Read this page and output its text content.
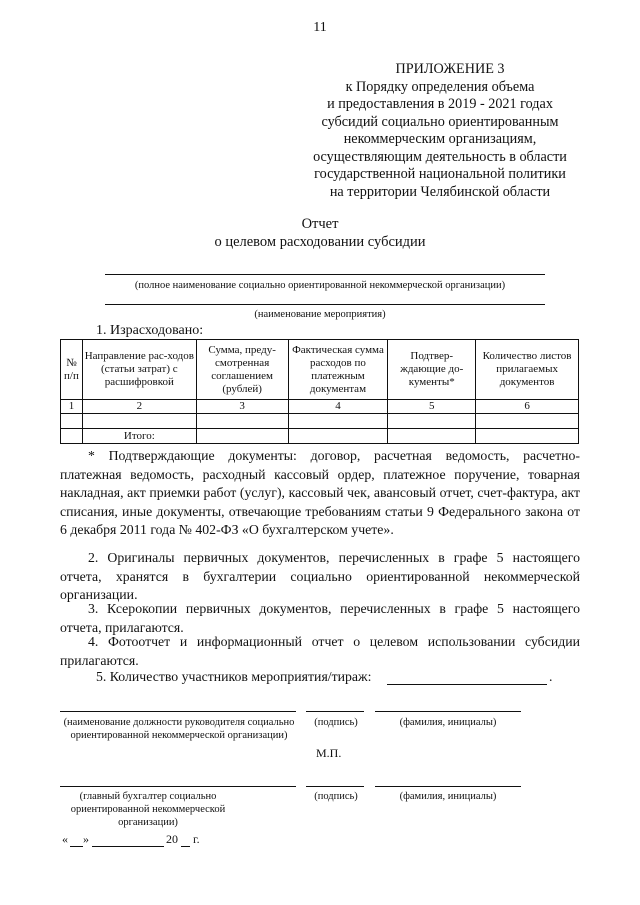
11
ПРИЛОЖЕНИЕ 3
к Порядку определения объема
и предоставления в 2019 - 2021 годах
субсидий социально ориентированным
некоммерческим организациям,
осуществляющим деятельность в области
государственной национальной политики
на территории Челябинской области
Отчет
о целевом расходовании субсидии
(полное наименование социально ориентированной некоммерческой организации)
(наименование мероприятия)
1. Израсходовано:
№ п/п	Направление рас-ходов (статьи затрат) с расшифровкой	Сумма, преду-смотренная соглашением (рублей)	Фактическая сумма расходов по платежным документам	Подтвер-ждающие до-кументы*	Количество листов прилагаемых документов
1	2	3	4	5	6

	Итого:				
* Подтверждающие документы: договор, расчетная ведомость, расчетно-платежная ведомость, расходный кассовый ордер, платежное поручение, товарная накладная, акт приемки работ (услуг), кассовый чек, авансовый отчет, счет-фактура, акт списания, иные документы, отвечающие требованиям статьи 9 Федерального закона от 6 декабря 2011 года № 402-ФЗ «О бухгалтерском учете».
2. Оригиналы первичных документов, перечисленных в графе 5 настоящего отчета, хранятся в бухгалтерии социально ориентированной некоммерческой организации.
3. Ксерокопии первичных документов, перечисленных в графе 5 настоящего отчета, прилагаются.
4. Фотоотчет и информационный отчет о целевом использовании субсидии прилагаются.
5. Количество участников мероприятия/тираж:	.
(наименование должности руководителя социально ориентированной некоммерческой организации)
(подпись)	(фамилия, инициалы)
М.П.
(главный бухгалтер социально ориентированной некоммерческой организации)
(подпись)	(фамилия, инициалы)
« »	20 г.
